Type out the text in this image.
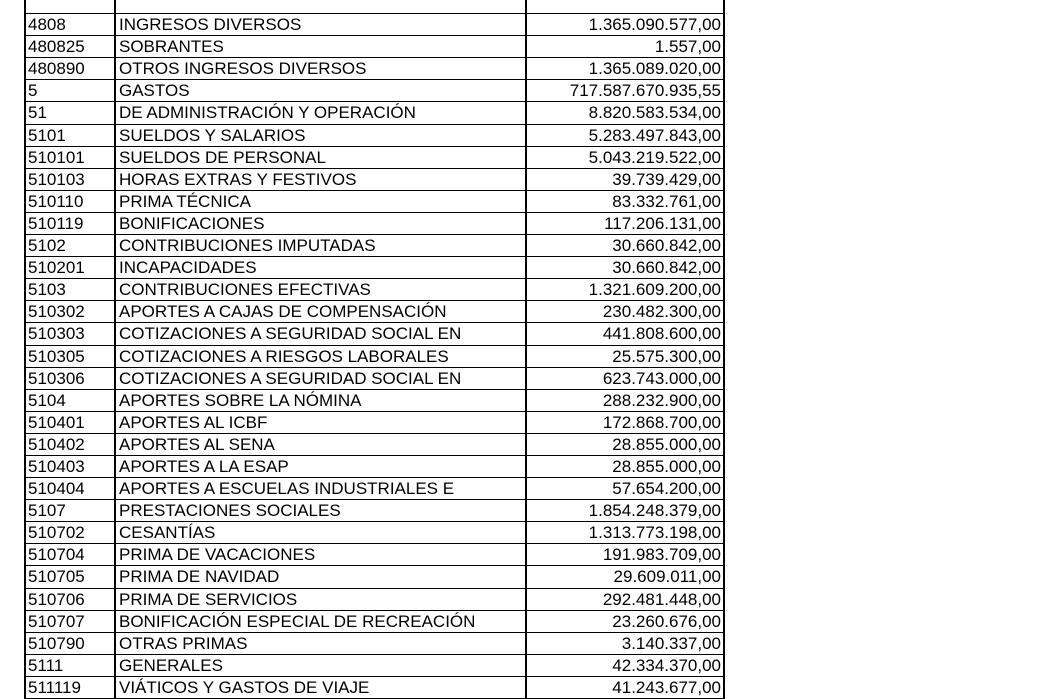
4808	INGRESOS DIVERSOS	1.365.090.577,00
480825	SOBRANTES	1.557,00
480890	OTROS INGRESOS DIVERSOS	1.365.089.020,00
5	GASTOS	717.587.670.935,55
51	DE ADMINISTRACIÓN Y OPERACIÓN	8.820.583.534,00
5101	SUELDOS Y SALARIOS	5.283.497.843,00
510101	SUELDOS DE PERSONAL	5.043.219.522,00
510103	HORAS EXTRAS Y FESTIVOS	39.739.429,00
510110	PRIMA TÉCNICA	83.332.761,00
510119	BONIFICACIONES	117.206.131,00
5102	CONTRIBUCIONES IMPUTADAS	30.660.842,00
510201	INCAPACIDADES	30.660.842,00
5103	CONTRIBUCIONES EFECTIVAS	1.321.609.200,00
510302	APORTES A CAJAS DE COMPENSACIÓN	230.482.300,00
510303	COTIZACIONES A SEGURIDAD SOCIAL EN	441.808.600,00
510305	COTIZACIONES A RIESGOS LABORALES	25.575.300,00
510306	COTIZACIONES A SEGURIDAD SOCIAL EN	623.743.000,00
5104	APORTES SOBRE LA NÓMINA	288.232.900,00
510401	APORTES AL ICBF	172.868.700,00
510402	APORTES AL SENA	28.855.000,00
510403	APORTES A LA ESAP	28.855.000,00
510404	APORTES A ESCUELAS INDUSTRIALES E	57.654.200,00
5107	PRESTACIONES SOCIALES	1.854.248.379,00
510702	CESANTÍAS	1.313.773.198,00
510704	PRIMA DE VACACIONES	191.983.709,00
510705	PRIMA DE NAVIDAD	29.609.011,00
510706	PRIMA DE SERVICIOS	292.481.448,00
510707	BONIFICACIÓN ESPECIAL DE RECREACIÓN	23.260.676,00
510790	OTRAS PRIMAS	3.140.337,00
5111	GENERALES	42.334.370,00
511119	VIÁTICOS Y GASTOS DE VIAJE	41.243.677,00
